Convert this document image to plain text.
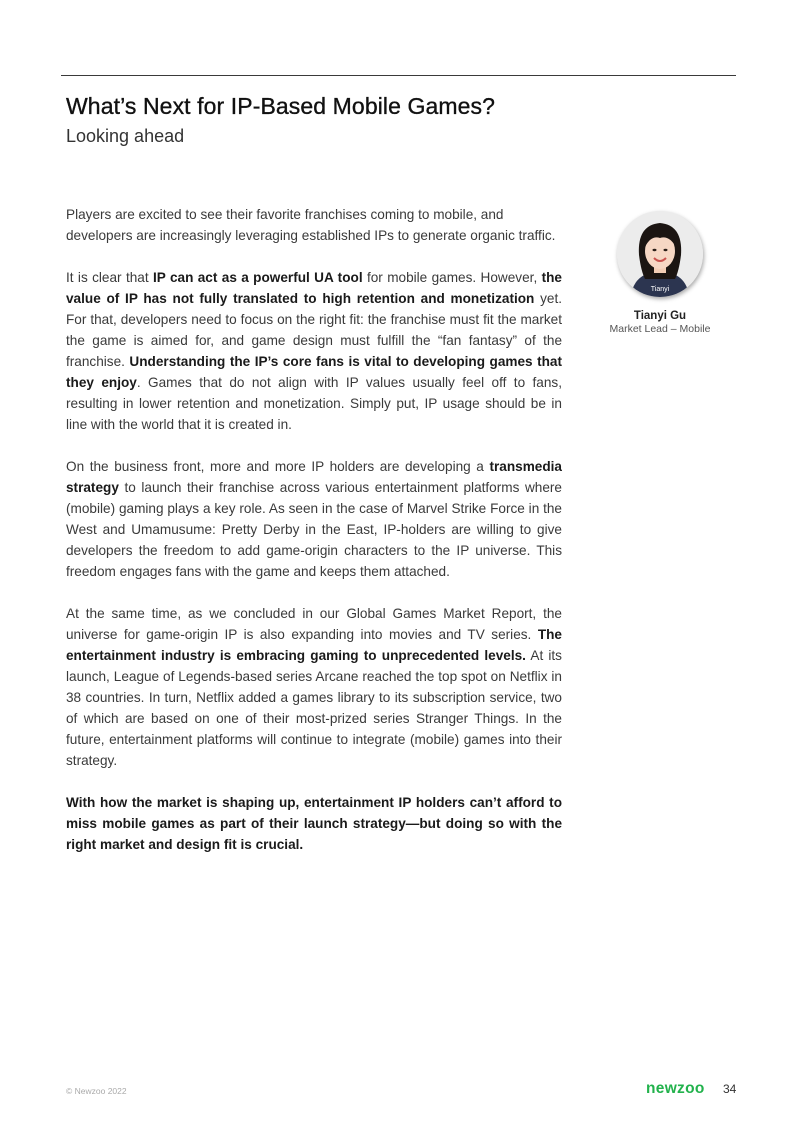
What’s Next for IP-Based Mobile Games?
Looking ahead

Players are excited to see their favorite franchises coming to mobile, and developers are increasingly leveraging established IPs to generate organic traffic.

It is clear that IP can act as a powerful UA tool for mobile games. However, the value of IP has not fully translated to high retention and monetization yet. For that, developers need to focus on the right fit: the franchise must fit the market the game is aimed for, and game design must fulfill the “fan fantasy” of the franchise. Understanding the IP’s core fans is vital to developing games that they enjoy. Games that do not align with IP values usually feel off to fans, resulting in lower retention and monetization. Simply put, IP usage should be in line with the world that it is created in.

On the business front, more and more IP holders are developing a transmedia strategy to launch their franchise across various entertainment platforms where (mobile) gaming plays a key role. As seen in the case of Marvel Strike Force in the West and Umamusume: Pretty Derby in the East, IP-holders are willing to give developers the freedom to add game-origin characters to the IP universe. This freedom engages fans with the game and keeps them attached.

At the same time, as we concluded in our Global Games Market Report, the universe for game-origin IP is also expanding into movies and TV series. The entertainment industry is embracing gaming to unprecedented levels. At its launch, League of Legends-based series Arcane reached the top spot on Netflix in 38 countries. In turn, Netflix added a games library to its subscription service, two of which are based on one of their most-prized series Stranger Things. In the future, entertainment platforms will continue to integrate (mobile) games into their strategy.

With how the market is shaping up, entertainment IP holders can’t afford to miss mobile games as part of their launch strategy—but doing so with the right market and design fit is crucial.

Tianyi
Tianyi Gu
Market Lead – Mobile
© Newzoo 2022	newzoo 34
